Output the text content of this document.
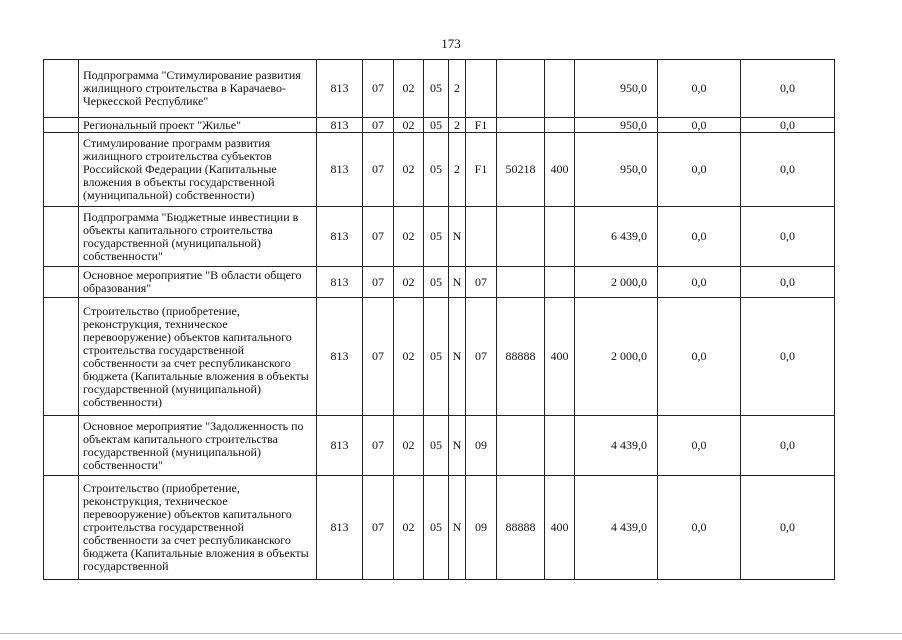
173
	Подпрограмма "Стимулирование развития жилищного строительства в Карачаево-Черкесской Республике"	813	07	02	05	2				950,0	0,0	0,0
	Региональный проект "Жилье"	813	07	02	05	2	F1			950,0	0,0	0,0
	Стимулирование программ развития жилищного строительства субъектов Российской Федерации (Капитальные вложения в объекты государственной (муниципальной) собственности)	813	07	02	05	2	F1	50218	400	950,0	0,0	0,0
	Подпрограмма "Бюджетные инвестиции в объекты капитального строительства государственной (муниципальной) собственности"	813	07	02	05	N				6 439,0	0,0	0,0
	Основное мероприятие "В области общего образования"	813	07	02	05	N	07			2 000,0	0,0	0,0
	Строительство (приобретение, реконструкция, техническое перевооружение) объектов капитального строительства государственной собственности за счет республиканского бюджета (Капитальные вложения в объекты государственной (муниципальной) собственности)	813	07	02	05	N	07	88888	400	2 000,0	0,0	0,0
	Основное мероприятие "Задолженность по объектам капитального строительства государственной (муниципальной) собственности"	813	07	02	05	N	09			4 439,0	0,0	0,0
	Строительство (приобретение, реконструкция, техническое перевооружение) объектов капитального строительства государственной собственности за счет республиканского бюджета (Капитальные вложения в объекты государственной	813	07	02	05	N	09	88888	400	4 439,0	0,0	0,0
